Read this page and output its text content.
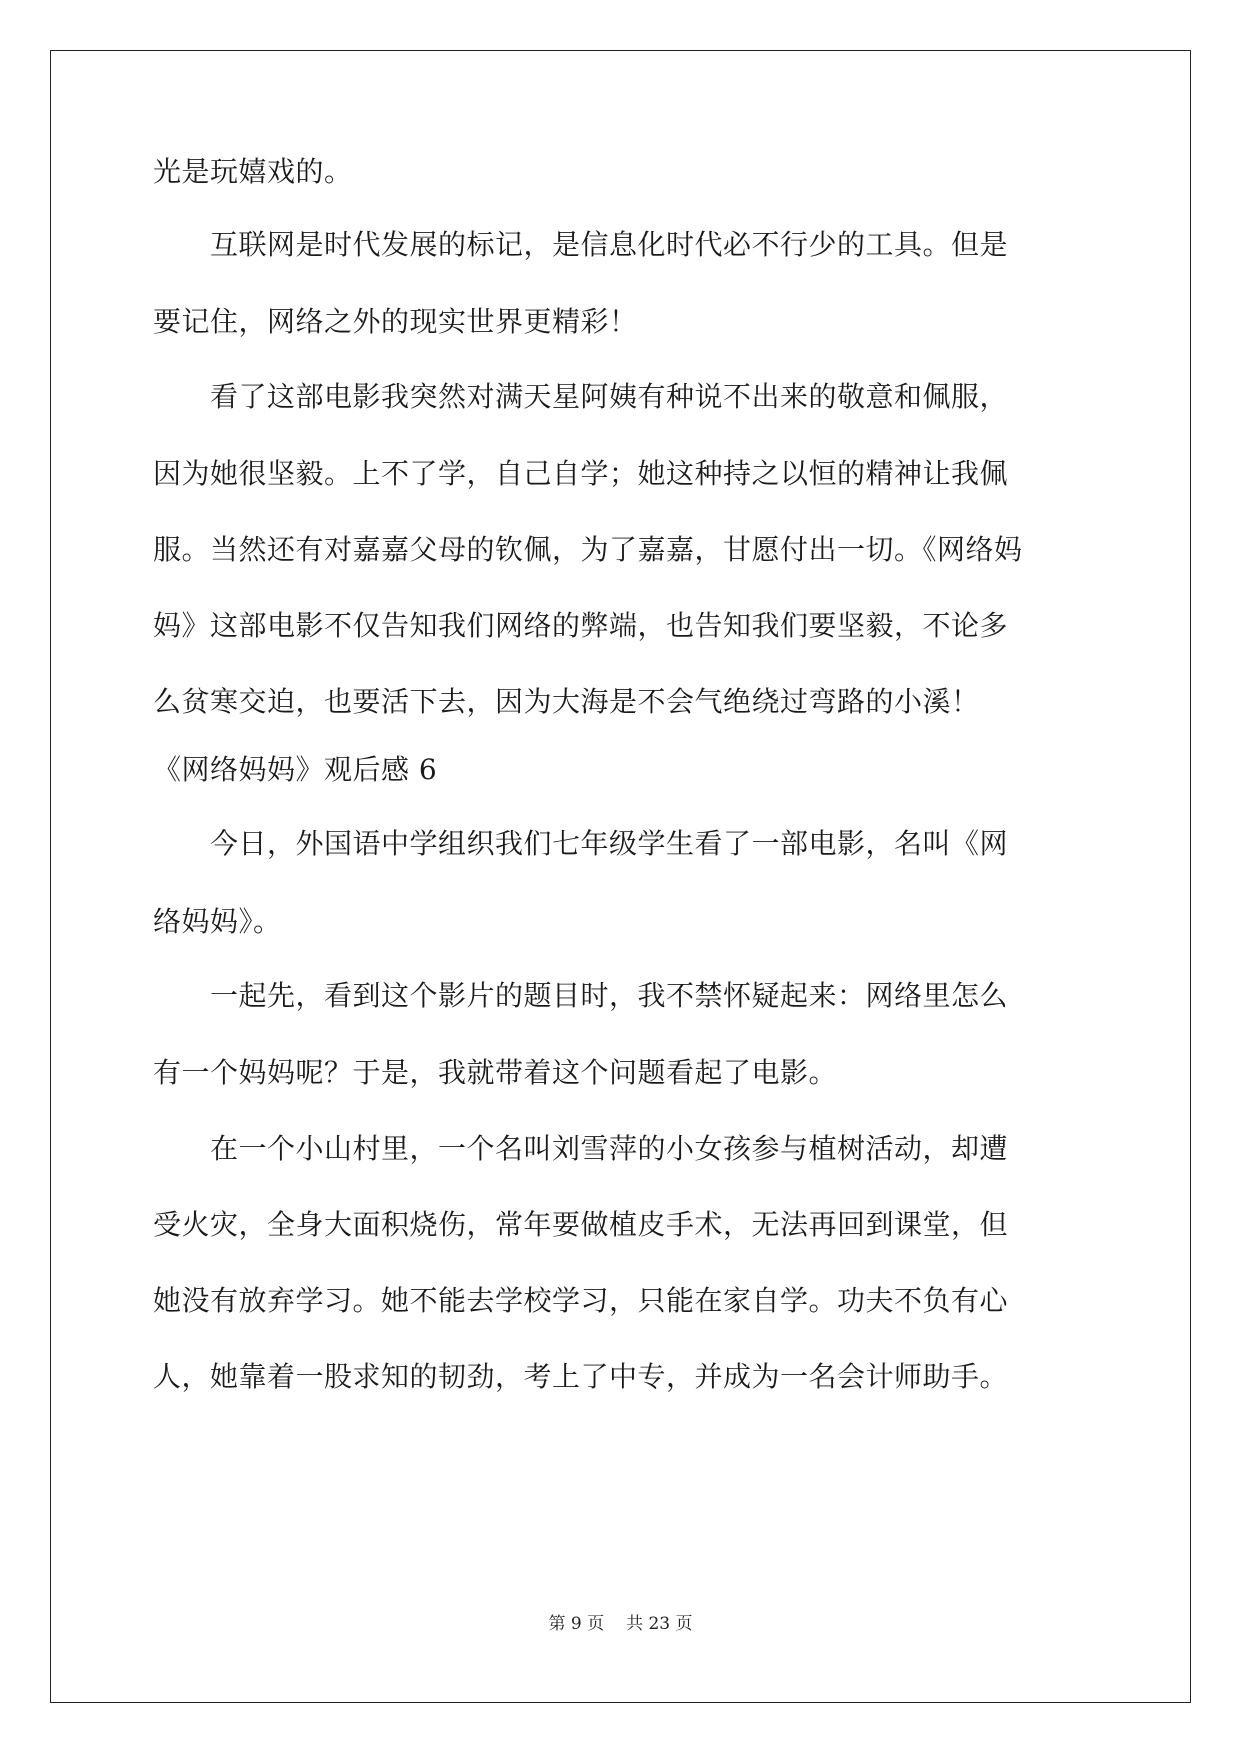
光是玩嬉戏的。
　　互联网是时代发展的标记，是信息化时代必不行少的工具。但是
要记住，网络之外的现实世界更精彩！
　　看了这部电影我突然对满天星阿姨有种说不出来的敬意和佩服，
因为她很坚毅。上不了学，自己自学；她这种持之以恒的精神让我佩
服。当然还有对嘉嘉父母的钦佩，为了嘉嘉，甘愿付出一切。《网络妈
妈》这部电影不仅告知我们网络的弊端，也告知我们要坚毅，不论多
么贫寒交迫，也要活下去，因为大海是不会气绝绕过弯路的小溪！
《网络妈妈》观后感 6
　　今日，外国语中学组织我们七年级学生看了一部电影，名叫《网
络妈妈》。
　　一起先，看到这个影片的题目时，我不禁怀疑起来：网络里怎么
有一个妈妈呢？于是，我就带着这个问题看起了电影。
　　在一个小山村里，一个名叫刘雪萍的小女孩参与植树活动，却遭
受火灾，全身大面积烧伤，常年要做植皮手术，无法再回到课堂，但
她没有放弃学习。她不能去学校学习，只能在家自学。功夫不负有心
人，她靠着一股求知的韧劲，考上了中专，并成为一名会计师助手。
第 9 页 共 23 页
